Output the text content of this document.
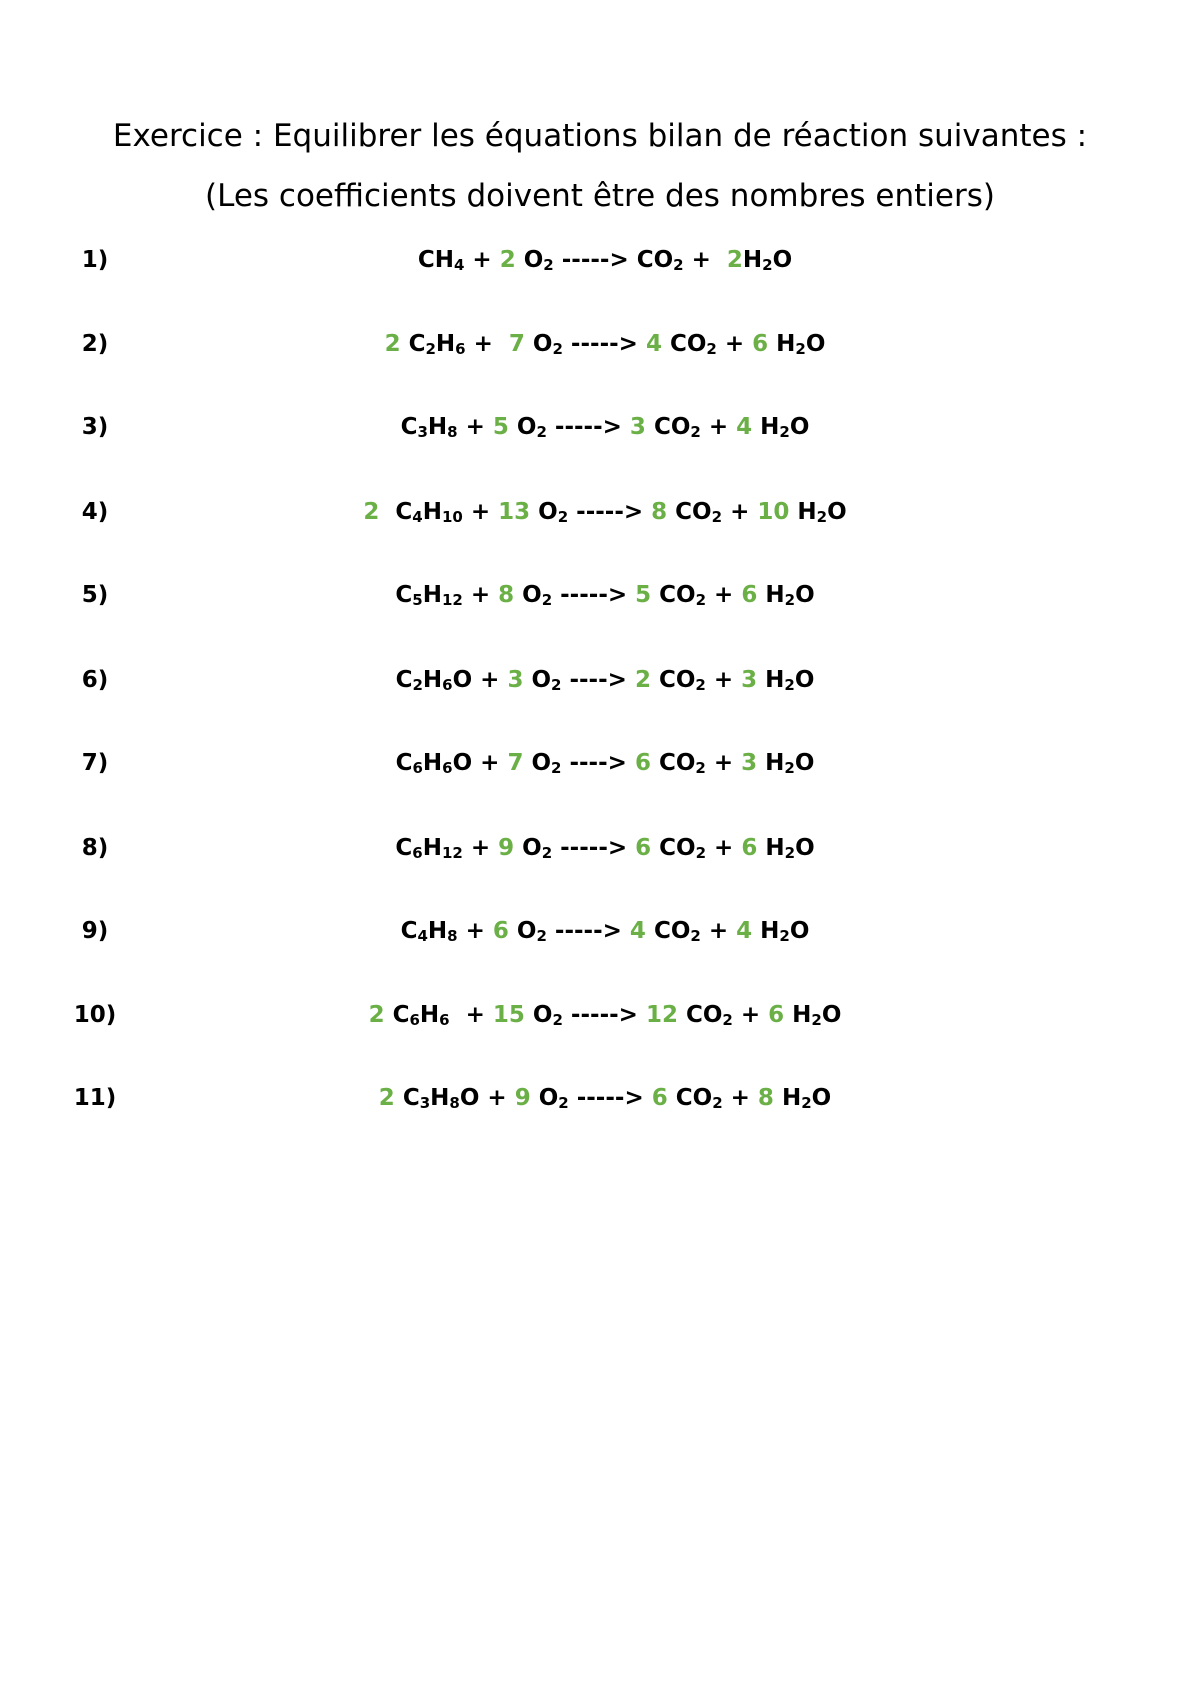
Exercice : Equilibrer les équations bilan de réaction suivantes :
(Les coefficients doivent être des nombres entiers)
1)	$CH_4 + 2$ $O_2$ -----> $CO_2 + 2H_2O$
2)	2 $C_2H_6 + 7$ $O_2$ -----> 4 $CO_2 + 6$ $H_2O$
3)	$C_3H_8 + 5$ $O_2$ -----> 3 $CO_2 + 4$ $H_2O$
4)	2  $C_4H_{10} + 13$ $O_2$ -----> 8 $CO_2 + 10$ $H_2O$
5)	$C_5H_{12} + 8$ $O_2$ -----> 5 $CO_2 + 6$ $H_2O$
6)	$C_2H_6O + 3$ $O_2$ ----> 2 $CO_2 + 3$ $H_2O$
7)	$C_6H_6O + 7$ $O_2$ ----> 6 $CO_2 + 3$ $H_2O$
8)	$C_6H_{12} + 9$ $O_2$ -----> 6 $CO_2 + 6$ $H_2O$
9)	$C_4H_8 + 6$ $O_2$ -----> 4 $CO_2 + 4$ $H_2O$
10)	2 $C_6H_6 + 15$ $O_2$ -----> 12 $CO_2 + 6$ $H_2O$
11)	2 $C_3H_8O + 9$ $O_2$ -----> 6 $CO_2 + 8$ $H_2O$
